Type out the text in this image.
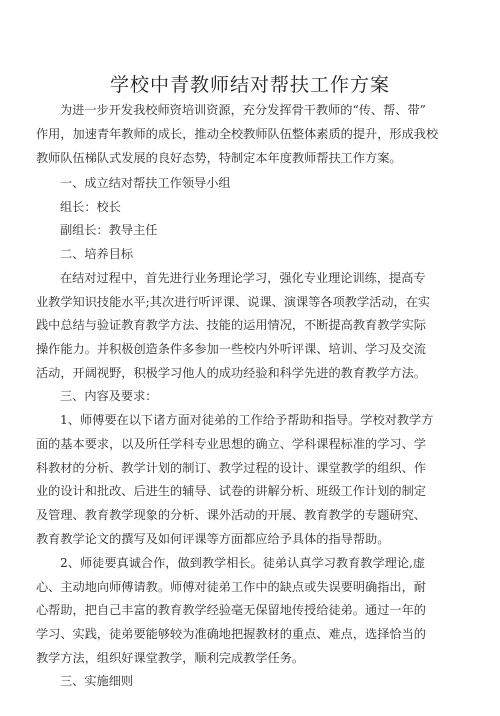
学校中青教师结对帮扶工作方案
为进一步开发我校师资培训资源，充分发挥骨干教师的“传、帮、带”
作用，加速青年教师的成长，推动全校教师队伍整体素质的提升，形成我校
教师队伍梯队式发展的良好态势，特制定本年度教师帮扶工作方案。
一、成立结对帮扶工作领导小组
组长：校长
副组长：教导主任
二、培养目标
在结对过程中，首先进行业务理论学习，强化专业理论训练，提高专
业教学知识技能水平;其次进行听评课、说课、演课等各项教学活动，在实
践中总结与验证教育教学方法、技能的运用情况，不断提高教育教学实际
操作能力。并积极创造条件多参加一些校内外听评课、培训、学习及交流
活动，开阔视野，积极学习他人的成功经验和科学先进的教育教学方法。
三、内容及要求：
1、师傅要在以下诸方面对徒弟的工作给予帮助和指导。学校对教学方
面的基本要求，以及所任学科专业思想的确立、学科课程标准的学习、学
科教材的分析、教学计划的制订、教学过程的设计、课堂教学的组织、作
业的设计和批改、后进生的辅导、试卷的讲解分析、班级工作计划的制定
及管理、教育教学现象的分析、课外活动的开展、教育教学的专题研究、
教育教学论文的撰写及如何评课等方面都应给予具体的指导帮助。
2、师徒要真诚合作，做到教学相长。徒弟认真学习教育教学理论,虚
心、主动地向师傅请教。师傅对徒弟工作中的缺点或失误要明确指出，耐
心帮助，把自己丰富的教育教学经验毫无保留地传授给徒弟。通过一年的
学习、实践，徒弟要能够较为准确地把握教材的重点、难点，选择恰当的
教学方法，组织好课堂教学，顺利完成教学任务。
三、实施细则
